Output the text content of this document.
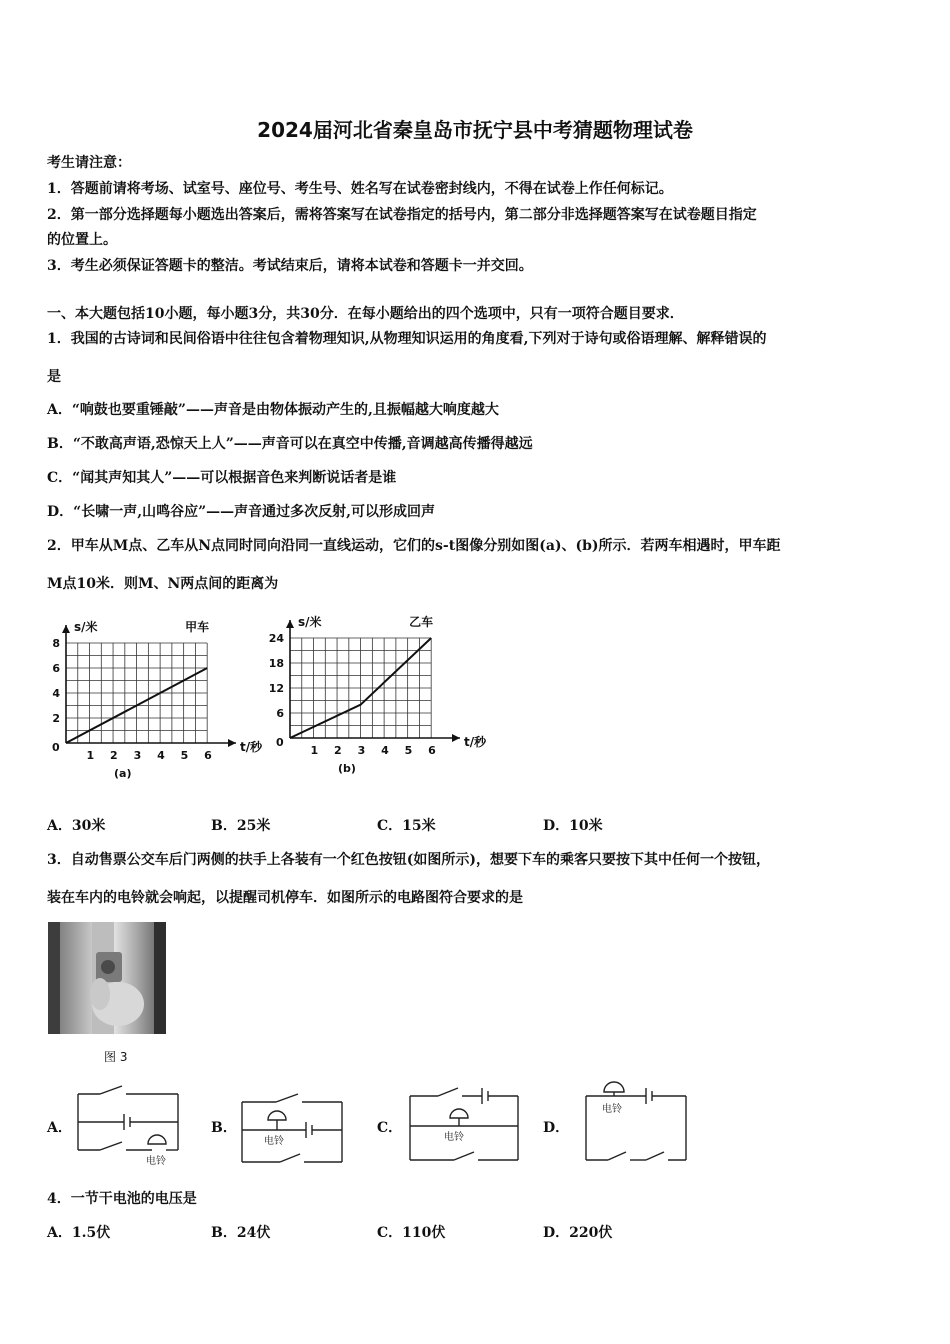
2024届河北省秦皇岛市抚宁县中考猜题物理试卷
考生请注意：
1．答题前请将考场、试室号、座位号、考生号、姓名写在试卷密封线内，不得在试卷上作任何标记。
2．第一部分选择题每小题选出答案后，需将答案写在试卷指定的括号内，第二部分非选择题答案写在试卷题目指定
的位置上。
3．考生必须保证答题卡的整洁。考试结束后，请将本试卷和答题卡一并交回。
一、本大题包括10小题，每小题3分，共30分．在每小题给出的四个选项中，只有一项符合题目要求．
1．我国的古诗词和民间俗语中往往包含着物理知识,从物理知识运用的角度看,下列对于诗句或俗语理解、解释错误的
是
A．“响鼓也要重锤敲”——声音是由物体振动产生的,且振幅越大响度越大
B．“不敢高声语,恐惊天上人”——声音可以在真空中传播,音调越高传播得越远
C．“闻其声知其人”——可以根据音色来判断说话者是谁
D．“长啸一声,山鸣谷应”——声音通过多次反射,可以形成回声
2．甲车从M点、乙车从N点同时同向沿同一直线运动，它们的s-t图像分别如图(a)、(b)所示．若两车相遇时，甲车距
M点10米．则M、N两点间的距离为
1 2 3 4 5 6
2
4
6
8
0
s/米
t/秒
甲车
(a)
1 2 3 4 5 6
6
12
18
24
0
s/米
t/秒
乙车
(b)
A．30米	B．25米	C．15米	D．10米
3．自动售票公交车后门两侧的扶手上各装有一个红色按钮(如图所示)，想要下车的乘客只要按下其中任何一个按钮，
装在车内的电铃就会响起，以提醒司机停车．如图所示的电路图符合要求的是
图 3
A．	B．	C．	D．
电铃
电铃	电铃
电铃
4．一节干电池的电压是
A．1.5伏	B．24伏	C．110伏	D．220伏
